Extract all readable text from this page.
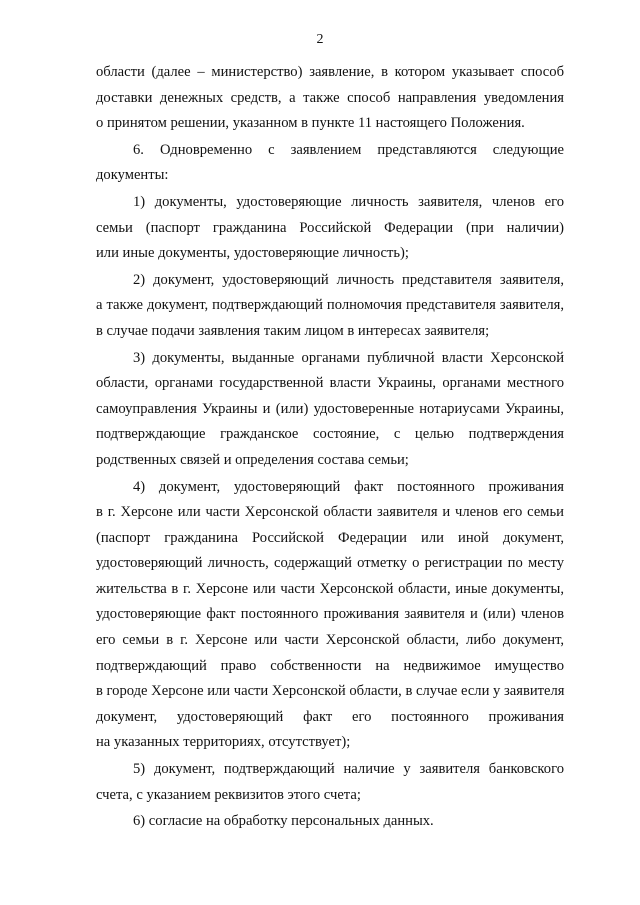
2
области (далее – министерство) заявление, в котором указывает способ
доставки денежных средств, а также способ направления уведомления
о принятом решении, указанном в пункте 11 настоящего Положения.
6. Одновременно с заявлением представляются следующие
документы:
1) документы, удостоверяющие личность заявителя, членов его
семьи (паспорт гражданина Российской Федерации (при наличии)
или иные документы, удостоверяющие личность);
2) документ, удостоверяющий личность представителя заявителя,
а также документ, подтверждающий полномочия представителя заявителя,
в случае подачи заявления таким лицом в интересах заявителя;
3) документы, выданные органами публичной власти Херсонской
области, органами государственной власти Украины, органами местного
самоуправления Украины и (или) удостоверенные нотариусами Украины,
подтверждающие гражданское состояние, с целью подтверждения
родственных связей и определения состава семьи;
4) документ, удостоверяющий факт постоянного проживания
в г. Херсоне или части Херсонской области заявителя и членов его семьи
(паспорт гражданина Российской Федерации или иной документ,
удостоверяющий личность, содержащий отметку о регистрации по месту
жительства в г. Херсоне или части Херсонской области, иные документы,
удостоверяющие факт постоянного проживания заявителя и (или) членов
его семьи в г. Херсоне или части Херсонской области, либо документ,
подтверждающий право собственности на недвижимое имущество
в городе Херсоне или части Херсонской области, в случае если у заявителя
документ, удостоверяющий факт его постоянного проживания
на указанных территориях, отсутствует);
5) документ, подтверждающий наличие у заявителя банковского
счета, с указанием реквизитов этого счета;
6) согласие на обработку персональных данных.
